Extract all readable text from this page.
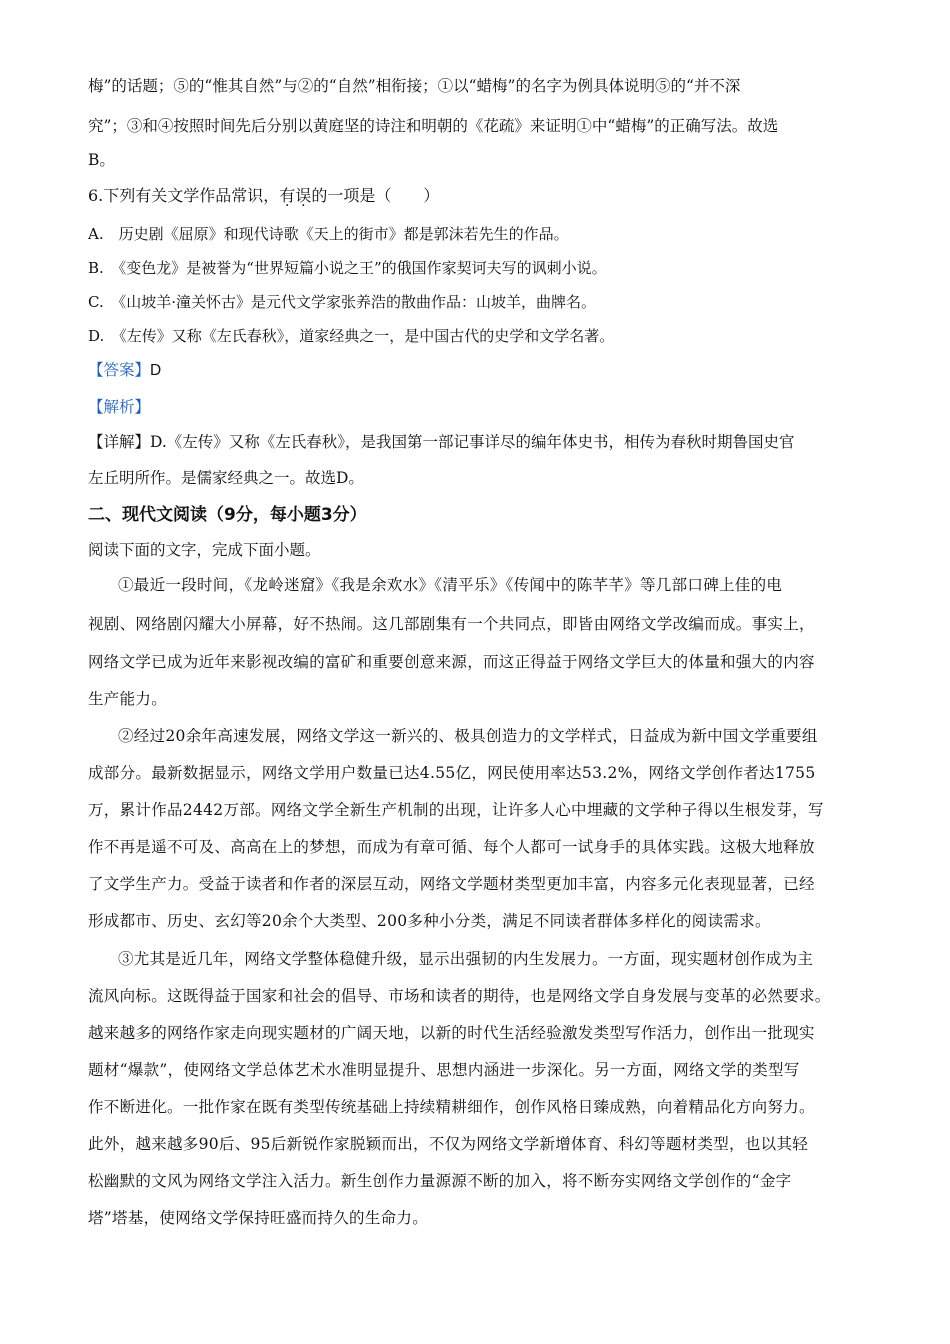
梅”的话题；⑤的“惟其自然”与②的“自然”相衔接；①以“蜡梅”的名字为例具体说明⑤的“并不深
究”；③和④按照时间先后分别以黄庭坚的诗注和明朝的《花疏》来证明①中“蜡梅”的正确写法。故选
B。
6.下列有关文学作品常识，有误的一项是（　　）
A.　历史剧《屈原》和现代诗歌《天上的街市》都是郭沫若先生的作品。
B.　《变色龙》是被誉为“世界短篇小说之王”的俄国作家契诃夫写的讽刺小说。
C.　《山坡羊·潼关怀古》是元代文学家张养浩的散曲作品：山坡羊，曲牌名。
D.　《左传》又称《左氏春秋》，道家经典之一，是中国古代的史学和文学名著。
【答案】D
【解析】
【详解】D.《左传》又称《左氏春秋》，是我国第一部记事详尽的编年体史书，相传为春秋时期鲁国史官
左丘明所作。是儒家经典之一。故选D。
二、现代文阅读（9分，每小题3分）
阅读下面的文字，完成下面小题。
①最近一段时间，《龙岭迷窟》《我是余欢水》《清平乐》《传闻中的陈芊芊》等几部口碑上佳的电
视剧、网络剧闪耀大小屏幕，好不热闹。这几部剧集有一个共同点，即皆由网络文学改编而成。事实上，
网络文学已成为近年来影视改编的富矿和重要创意来源，而这正得益于网络文学巨大的体量和强大的内容
生产能力。
②经过20余年高速发展，网络文学这一新兴的、极具创造力的文学样式，日益成为新中国文学重要组
成部分。最新数据显示，网络文学用户数量已达4.55亿，网民使用率达53.2%，网络文学创作者达1755
万，累计作品2442万部。网络文学全新生产机制的出现，让许多人心中埋藏的文学种子得以生根发芽，写
作不再是遥不可及、高高在上的梦想，而成为有章可循、每个人都可一试身手的具体实践。这极大地释放
了文学生产力。受益于读者和作者的深层互动，网络文学题材类型更加丰富，内容多元化表现显著，已经
形成都市、历史、玄幻等20余个大类型、200多种小分类，满足不同读者群体多样化的阅读需求。
③尤其是近几年，网络文学整体稳健升级，显示出强韧的内生发展力。一方面，现实题材创作成为主
流风向标。这既得益于国家和社会的倡导、市场和读者的期待，也是网络文学自身发展与变革的必然要求。
越来越多的网络作家走向现实题材的广阔天地，以新的时代生活经验激发类型写作活力，创作出一批现实
题材“爆款”，使网络文学总体艺术水准明显提升、思想内涵进一步深化。另一方面，网络文学的类型写
作不断进化。一批作家在既有类型传统基础上持续精耕细作，创作风格日臻成熟，向着精品化方向努力。
此外，越来越多90后、95后新锐作家脱颖而出，不仅为网络文学新增体育、科幻等题材类型，也以其轻
松幽默的文风为网络文学注入活力。新生创作力量源源不断的加入，将不断夯实网络文学创作的“金字
塔”塔基，使网络文学保持旺盛而持久的生命力。
